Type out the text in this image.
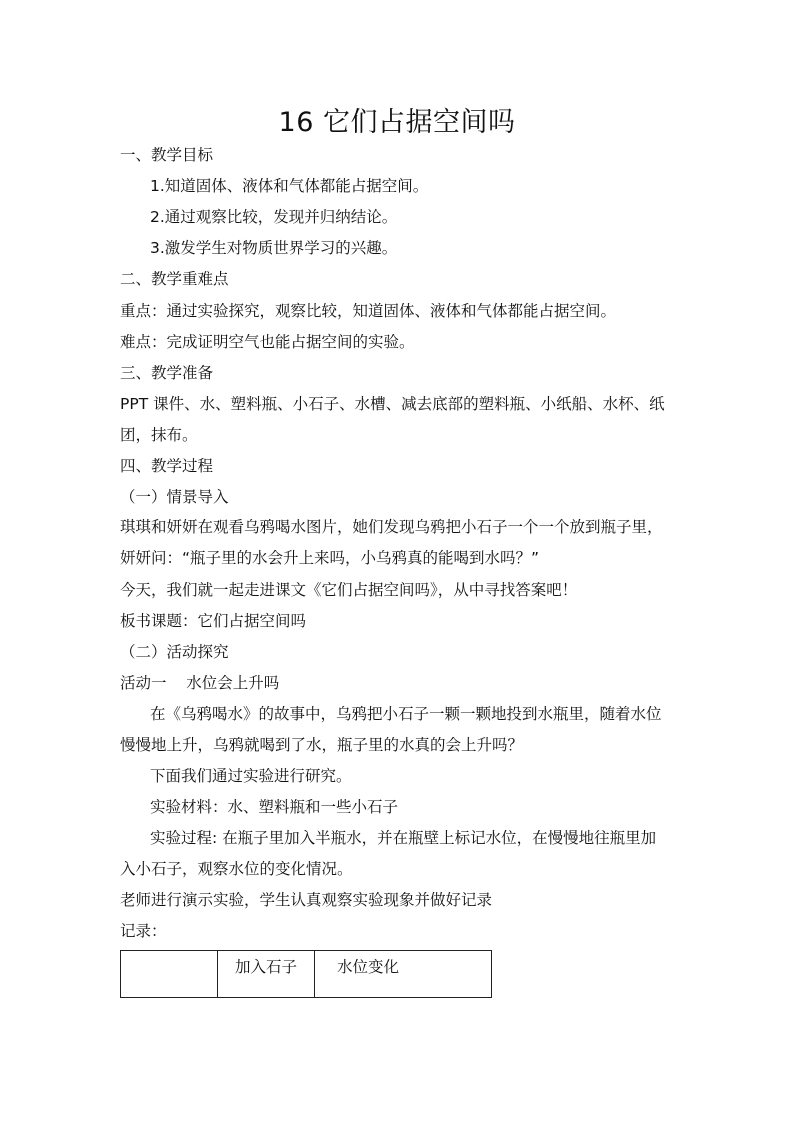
16 它们占据空间吗
一、教学目标
1.知道固体、液体和气体都能占据空间。
2.通过观察比较，发现并归纳结论。
3.激发学生对物质世界学习的兴趣。
二、教学重难点
重点：通过实验探究，观察比较，知道固体、液体和气体都能占据空间。
难点：完成证明空气也能占据空间的实验。
三、教学准备
PPT 课件、水、塑料瓶、小石子、水槽、减去底部的塑料瓶、小纸船、水杯、纸
团，抹布。
四、教学过程
（一）情景导入
琪琪和妍妍在观看乌鸦喝水图片，她们发现乌鸦把小石子一个一个放到瓶子里，
妍妍问：“瓶子里的水会升上来吗，小乌鸦真的能喝到水吗？”
今天，我们就一起走进课文《它们占据空间吗》，从中寻找答案吧！
板书课题：它们占据空间吗
（二）活动探究
活动一    水位会上升吗
在《乌鸦喝水》的故事中，乌鸦把小石子一颗一颗地投到水瓶里，随着水位
慢慢地上升，乌鸦就喝到了水，瓶子里的水真的会上升吗？
下面我们通过实验进行研究。
实验材料：水、塑料瓶和一些小石子
实验过程: 在瓶子里加入半瓶水，并在瓶壁上标记水位，在慢慢地往瓶里加
入小石子，观察水位的变化情况。
老师进行演示实验，学生认真观察实验现象并做好记录
记录：
	加入石子	水位变化
